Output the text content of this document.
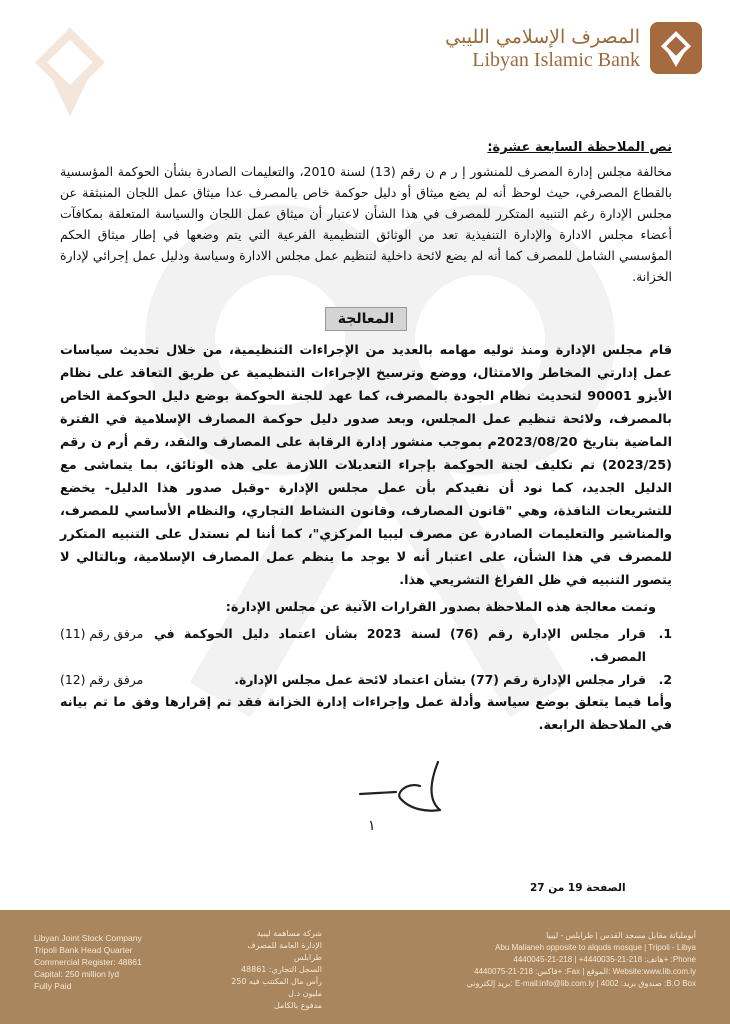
المصرف الإسلامي الليبي
Libyan Islamic Bank

نص الملاحظة السابعة عشرة:

مخالفة مجلس إدارة المصرف للمنشور إ ر م ن رقم (13) لسنة 2010، والتعليمات الصادرة بشأن الحوكمة المؤسسية بالقطاع المصرفي، حيث لوحظ أنه لم يضع ميثاق أو دليل حوكمة خاص بالمصرف عدا ميثاق عمل اللجان المنبثقة عن مجلس الإدارة رغم التنبيه المتكرر للمصرف في هذا الشأن لاعتبار أن ميثاق عمل اللجان والسياسة المتعلقة بمكافآت أعضاء مجلس الادارة والإدارة التنفيذية تعد من الوثائق التنظيمية الفرعية التي يتم وضعها في إطار ميثاق الحكم المؤسسي الشامل للمصرف كما أنه لم يضع لائحة داخلية لتنظيم عمل مجلس الادارة وسياسة ودليل عمل إجرائي لإدارة الخزانة.

المعالجة

قام مجلس الإدارة ومنذ توليه مهامه بالعديد من الإجراءات التنظيمية، من خلال تحديث سياسات عمل إدارتي المخاطر والامتثال، ووضع وترسيخ الإجراءات التنظيمية عن طريق التعاقد على نظام الأيزو 90001 لتحديث نظام الجودة بالمصرف، كما عهد للجنة الحوكمة بوضع دليل الحوكمة الخاص بالمصرف، ولائحة تنظيم عمل المجلس، وبعد صدور دليل حوكمة المصارف الإسلامية في الفترة الماضية بتاريخ 2023/08/20م بموجب منشور إدارة الرقابة على المصارف والنقد، رقم أرم ن رقم (2023/25) تم تكليف لجنة الحوكمة بإجراء التعديلات اللازمة على هذه الوثائق، بما يتماشى مع الدليل الجديد، كما نود أن نفيدكم بأن عمل مجلس الإدارة -وقبل صدور هذا الدليل- يخضع للتشريعات النافذة، وهي "قانون المصارف، وقانون النشاط التجاري، والنظام الأساسي للمصرف، والمناشير والتعليمات الصادرة عن مصرف ليبيا المركزي"، كما أننا لم نستدل على التنبيه المتكرر للمصرف في هذا الشأن، على اعتبار أنه لا يوجد ما ينظم عمل المصارف الإسلامية، وبالتالي لا يتصور التنبيه في ظل الفراغ التشريعي هذا.

وتمت معالجة هذه الملاحظة بصدور القرارات الآتية عن مجلس الإدارة:

1.
قرار مجلس الإدارة رقم (76) لسنة 2023 بشأن اعتماد دليل الحوكمة في المصرف.
مرفق رقم (11)
2.
قرار مجلس الإدارة رقم (77) بشأن اعتماد لائحة عمل مجلس الإدارة.
مرفق رقم (12)

وأما فيما يتعلق بوضع سياسة وأدلة عمل وإجراءات إدارة الخزانة فقد تم إقرارها وفق ما تم بيانه في الملاحظة الرابعة.

١
الصفحة 19 من 27
Libyan Joint Stock Company
Tripoli Bank Head Quarter
Commercial Register: 48861
Capital: 250 million lyd
Fully Paid
شركة مساهمة ليبية
الإدارة العامة للمصرف طرابلس
السجل التجاري: 48861
رأس مال المكتتب فيه 250 مليون د.ل
مدفوع بالكامل
أبوملياتة مقابل مسجد القدس | طرابلس - ليبيا
Abu Malianeh opposite to alquds mosque | Tripoli - Libya
هاتف: 218-21-4440035+ | 218-21-4440045+ :Phone
فاكس: 218-21-4440075+ :Fax | الموقع: Website:www.lib.com.ly
بريد إلكتروني: E-mail:info@lib.com.ly | صندوق بريد: 4002 :B.O Box
